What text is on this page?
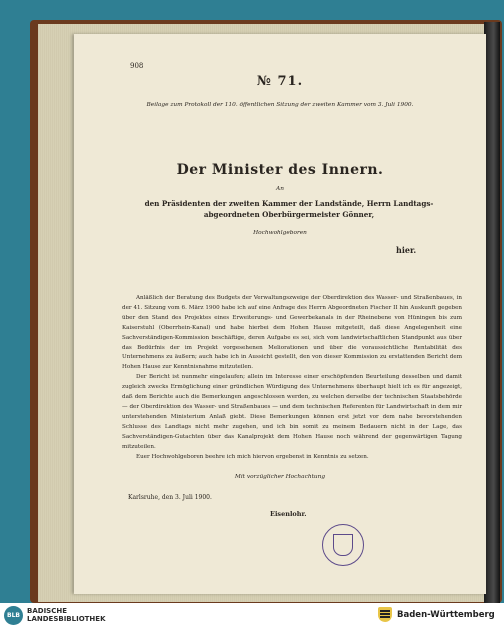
908
№ 71.
Beilage zum Protokoll der 110. öffentlichen Sitzung der zweiten Kammer vom 3. Juli 1900.
Der Minister des Innern.
An
den Präsidenten der zweiten Kammer der Landstände, Herrn Landtags-
abgeordneten Oberbürgermeister Gönner,
Hochwohlgeboren
hier.

Anläßlich der Beratung des Budgets der Verwaltungszweige der Oberdirektion des Wasser- und Straßenbaues, in der 41. Sitzung vom 6. März 1900 habe ich auf eine Anfrage des Herrn Abgeordneten Fischer II hin Auskunft gegeben über den Stand des Projektes eines Erweiterungs- und Gewerbekanals in der Rheinebene von Hüningen bis zum Kaiserstuhl (Oberrhein-Kanal) und habe hierbei dem Hohen Hause mitgeteilt, daß diese Angelegenheit eine Sachverständigen-Kommission beschäftige, deren Aufgabe es sei, sich vom landwirtschaftlichen Standpunkt aus über das Bedürfnis der im Projekt vorgesehenen Meliorationen und über die voraussichtliche Rentabilität des Unternehmens zu äußern; auch habe ich in Aussicht gestellt, den von dieser Kommission zu erstattenden Bericht dem Hohen Hause zur Kenntnisnahme mitzuteilen.

Der Bericht ist nunmehr eingelaufen; allein im Interesse einer erschöpfenden Beurteilung desselben und damit zugleich zwecks Ermöglichung einer gründlichen Würdigung des Unternehmens überhaupt hielt ich es für angezeigt, daß dem Berichte auch die Bemerkungen angeschlossen werden, zu welchen derselbe der technischen Staatsbehörde — der Oberdirektion des Wasser- und Straßenbaues — und dem technischen Referenten für Landwirtschaft in dem mir unterstehenden Ministerium Anlaß giebt. Diese Bemerkungen können erst jetzt vor dem nahe bevorstehenden Schlusse des Landtags nicht mehr zugehen, und ich bin somit zu meinem Bedauern nicht in der Lage, das Sachverständigen-Gutachten über das Kanalprojekt dem Hohen Hause noch während der gegenwärtigen Tagung mitzuteilen.

Euer Hochwohlgeboren beehre ich mich hiervon ergebenst in Kenntnis zu setzen.

Mit vorzüglicher Hochachtung
Karlsruhe, den 3. Juli 1900.
Eisenlohr.
BLB
BADISCHE
LANDESBIBLIOTHEK	Baden-Württemberg
